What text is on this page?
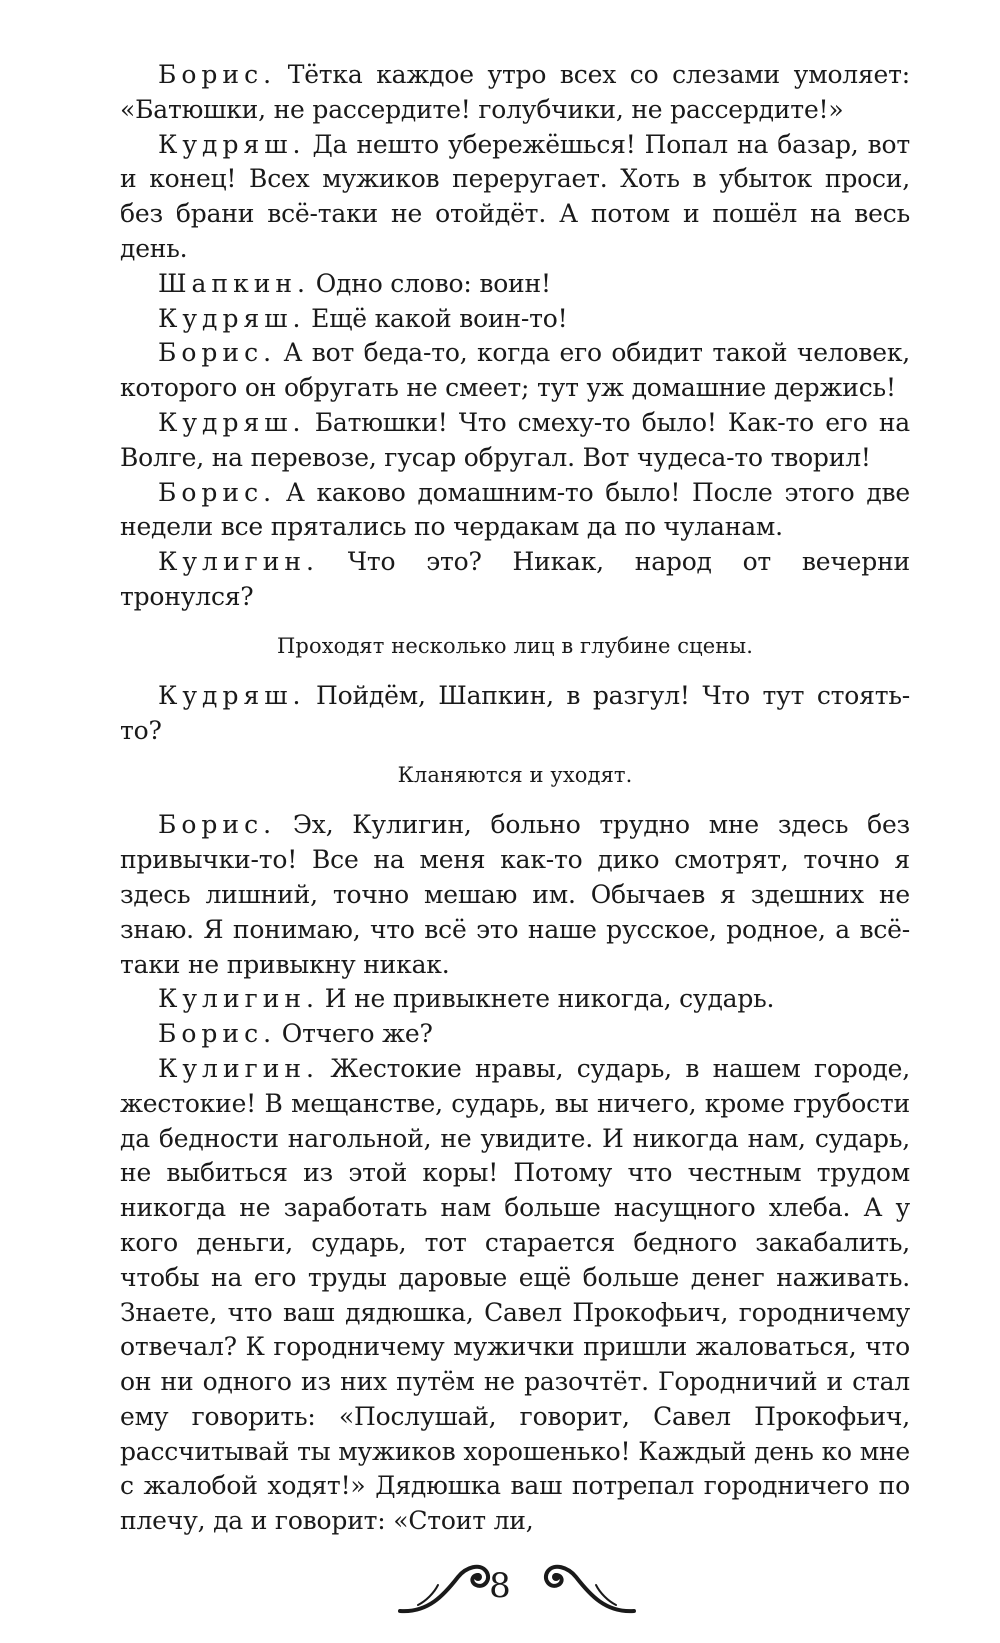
Борис. Тётка каждое утро всех со слезами умоляет: «Батюшки, не рассердите! голубчики, не рассердите!»

Кудряш. Да нешто убережёшься! Попал на базар, вот и конец! Всех мужиков переругает. Хоть в убыток проси, без брани всё-таки не отойдёт. А потом и пошёл на весь день.

Шапкин. Одно слово: воин!

Кудряш. Ещё какой воин-то!

Борис. А вот беда-то, когда его обидит такой человек, которого он обругать не смеет; тут уж домашние держись!

Кудряш. Батюшки! Что смеху-то было! Как-то его на Волге, на перевозе, гусар обругал. Вот чудеса-то творил!

Борис. А каково домашним-то было! После этого две недели все прятались по чердакам да по чуланам.

Кулигин. Что это? Никак, народ от вечерни тронулся?

Проходят несколько лиц в глубине сцены.

Кудряш. Пойдём, Шапкин, в разгул! Что тут стоять-то?

Кланяются и уходят.

Борис. Эх, Кулигин, больно трудно мне здесь без привычки-то! Все на меня как-то дико смотрят, точно я здесь лишний, точно мешаю им. Обычаев я здешних не знаю. Я понимаю, что всё это наше русское, родное, а всё-таки не привыкну никак.

Кулигин. И не привыкнете никогда, сударь.

Борис. Отчего же?

Кулигин. Жестокие нравы, сударь, в нашем городе, жестокие! В мещанстве, сударь, вы ничего, кроме грубости да бедности нагольной, не увидите. И никогда нам, сударь, не выбиться из этой коры! Потому что честным трудом никогда не заработать нам больше насущного хлеба. А у кого деньги, сударь, тот старается бедного закабалить, чтобы на его труды даровые ещё больше денег наживать. Знаете, что ваш дядюшка, Савел Прокофьич, городничему отвечал? К городничему мужички пришли жаловаться, что он ни одного из них путём не разочтёт. Городничий и стал ему говорить: «Послушай, говорит, Савел Прокофьич, рассчитывай ты мужиков хорошенько! Каждый день ко мне с жалобой ходят!» Дядюшка ваш потрепал городничего по плечу, да и говорит: «Стоит ли,

8
